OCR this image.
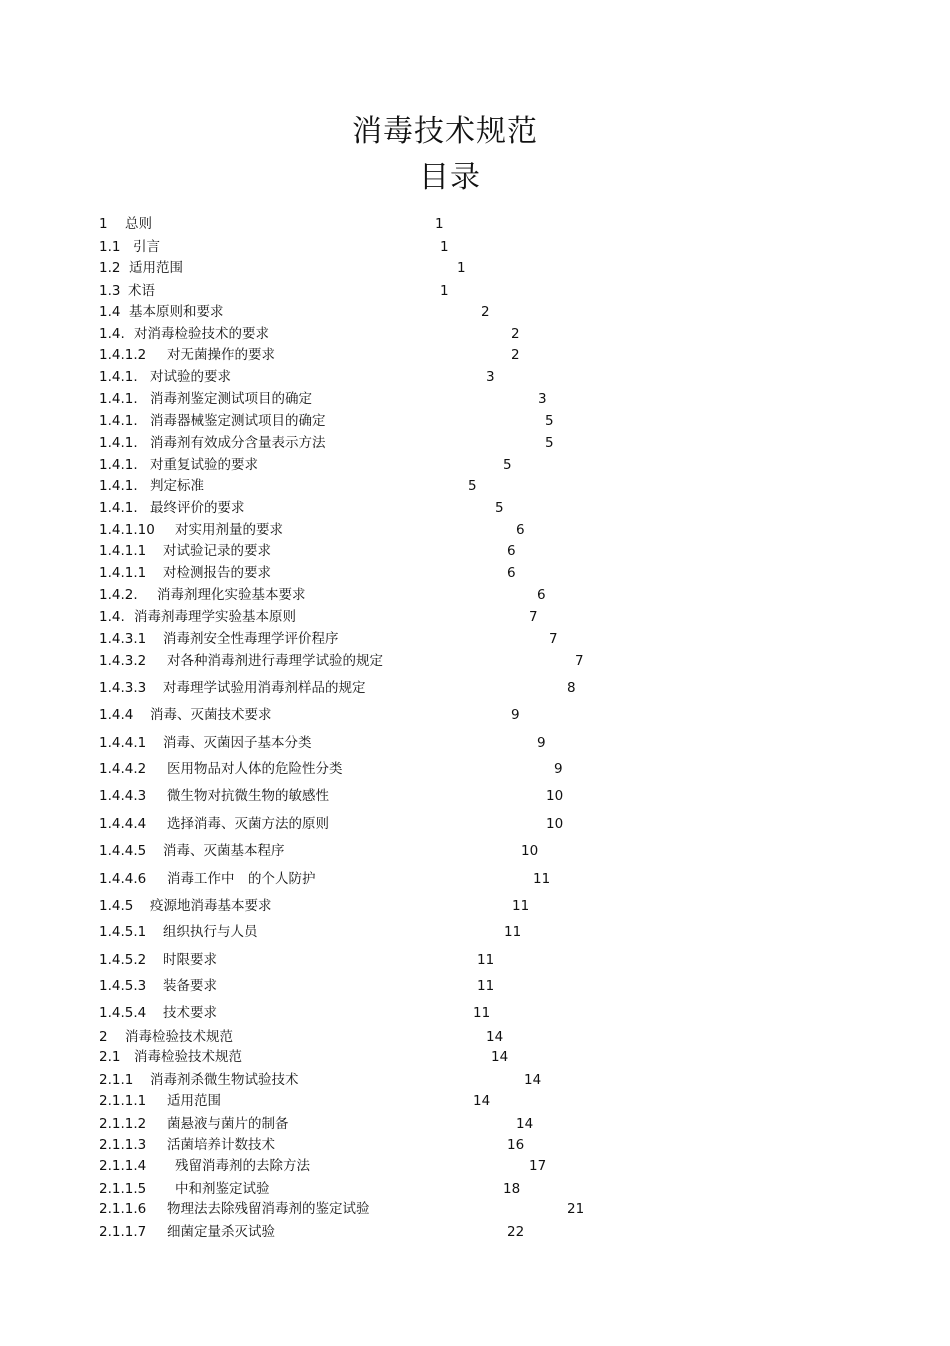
消毒技术规范
目录
1 总则	1
1.1 引言	1
1.2 适用范围	1
1.3 术语	1
1.4 基本原则和要求	2
1.4. 对消毒检验技术的要求	2
1.4.1.2 对无菌操作的要求	2
1.4.1. 对试验的要求	3
1.4.1. 消毒剂鉴定测试项目的确定	3
1.4.1. 消毒器械鉴定测试项目的确定	5
1.4.1. 消毒剂有效成分含量表示方法	5
1.4.1. 对重复试验的要求	5
1.4.1. 判定标准	5
1.4.1. 最终评价的要求	5
1.4.1.10 对实用剂量的要求	6
1.4.1.1 对试验记录的要求	6
1.4.1.1 对检测报告的要求	6
1.4.2. 消毒剂理化实验基本要求	6
1.4. 消毒剂毒理学实验基本原则	7
1.4.3.1 消毒剂安全性毒理学评价程序	7
1.4.3.2 对各种消毒剂进行毒理学试验的规定	7
1.4.3.3 对毒理学试验用消毒剂样品的规定	8
1.4.4 消毒、灭菌技术要求	9
1.4.4.1 消毒、灭菌因子基本分类	9
1.4.4.2 医用物品对人体的危险性分类	9
1.4.4.3 微生物对抗微生物的敏感性	10
1.4.4.4 选择消毒、灭菌方法的原则	10
1.4.4.5 消毒、灭菌基本程序	10
1.4.4.6 消毒工作中　的个人防护	11
1.4.5 疫源地消毒基本要求	11
1.4.5.1 组织执行与人员	11
1.4.5.2 时限要求	11
1.4.5.3 装备要求	11
1.4.5.4 技术要求	11
2 消毒检验技术规范	14
2.1 消毒检验技术规范	14
2.1.1 消毒剂杀微生物试验技术	14
2.1.1.1 适用范围	14
2.1.1.2 菌悬液与菌片的制备	14
2.1.1.3 活菌培养计数技术	16
2.1.1.4 残留消毒剂的去除方法	17
2.1.1.5 中和剂鉴定试验	18
2.1.1.6 物理法去除残留消毒剂的鉴定试验	21
2.1.1.7 细菌定量杀灭试验	22
